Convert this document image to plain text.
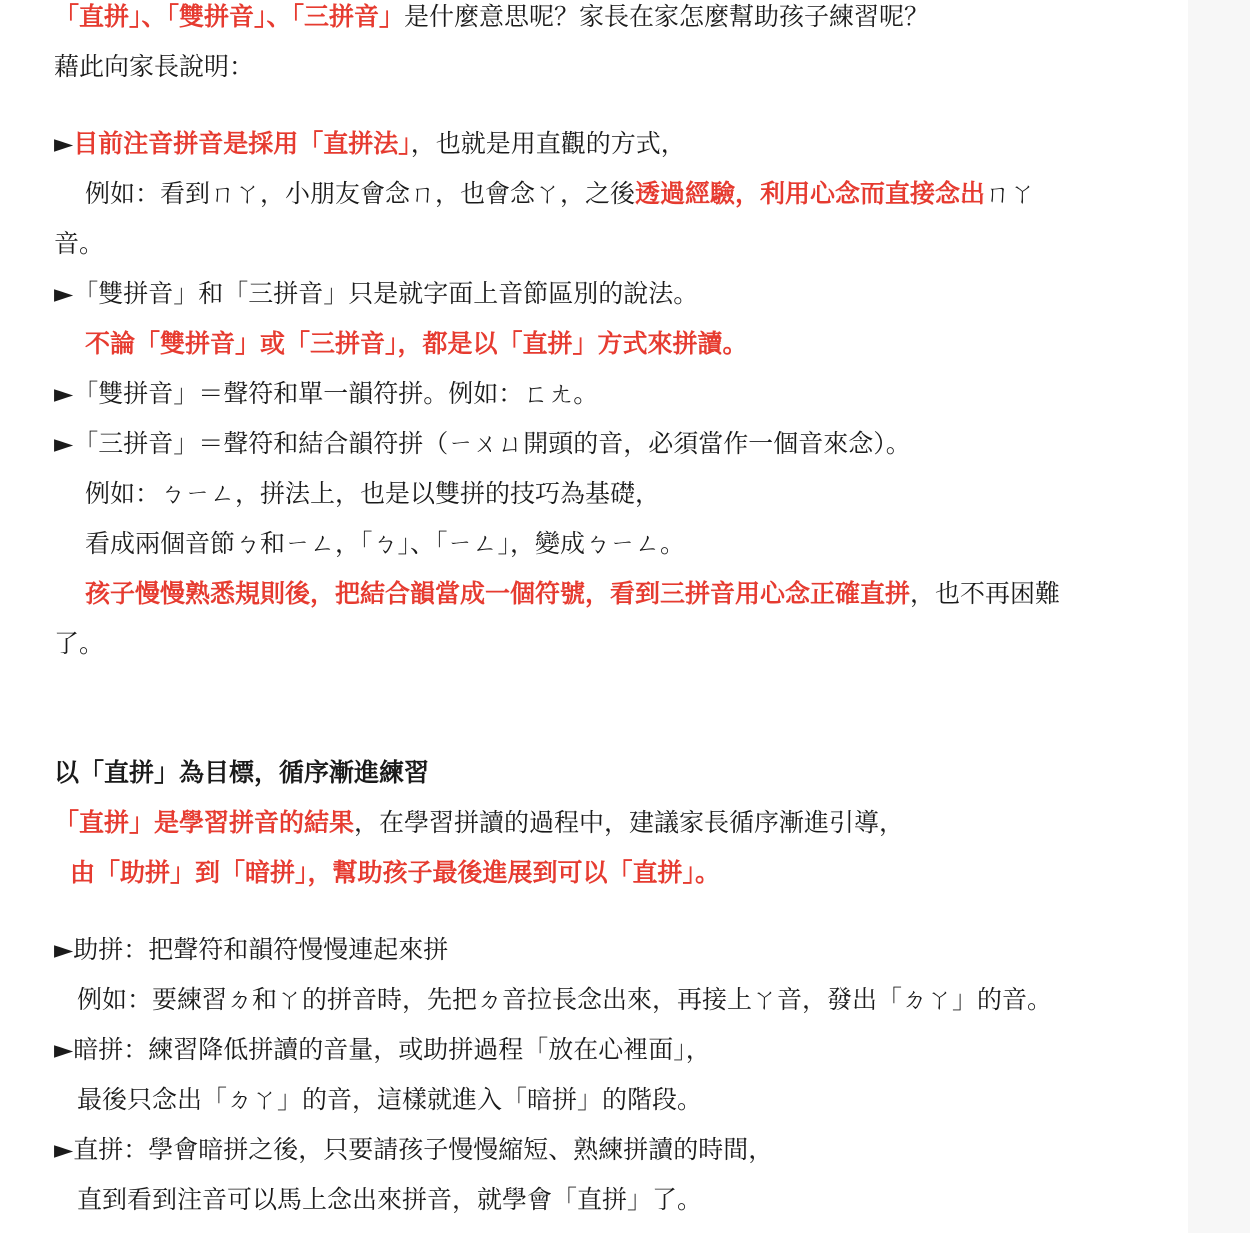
「直拼」、「雙拼音」、「三拼音」是什麼意思呢？家長在家怎麼幫助孩子練習呢？
藉此向家長說明：
►目前注音拼音是採用「直拼法」，也就是用直觀的方式，
例如：看到ㄇㄚ，小朋友會念ㄇ，也會念ㄚ，之後透過經驗，利用心念而直接念出ㄇㄚ
音。
►「雙拼音」和「三拼音」只是就字面上音節區別的說法。
不論「雙拼音」或「三拼音」，都是以「直拼」方式來拼讀。
►「雙拼音」＝聲符和單一韻符拼。例如：ㄈㄤ。
►「三拼音」＝聲符和結合韻符拼（ㄧㄨㄩ開頭的音，必須當作一個音來念）。
例如：ㄅㄧㄥ，拼法上，也是以雙拼的技巧為基礎，
看成兩個音節ㄅ和ㄧㄥ，「ㄅ」、「ㄧㄥ」，變成ㄅㄧㄥ。
孩子慢慢熟悉規則後，把結合韻當成一個符號，看到三拼音用心念正確直拼，也不再困難
了。
以「直拼」為目標，循序漸進練習
「直拼」是學習拼音的結果，在學習拼讀的過程中，建議家長循序漸進引導，
由「助拼」到「暗拼」，幫助孩子最後進展到可以「直拼」。
►助拼：把聲符和韻符慢慢連起來拼
例如：要練習ㄉ和ㄚ的拼音時，先把ㄉ音拉長念出來，再接上ㄚ音，發出「ㄉㄚ」的音。
►暗拼：練習降低拼讀的音量，或助拼過程「放在心裡面」，
最後只念出「ㄉㄚ」的音，這樣就進入「暗拼」的階段。
►直拼：學會暗拼之後，只要請孩子慢慢縮短、熟練拼讀的時間，
直到看到注音可以馬上念出來拼音，就學會「直拼」了。
